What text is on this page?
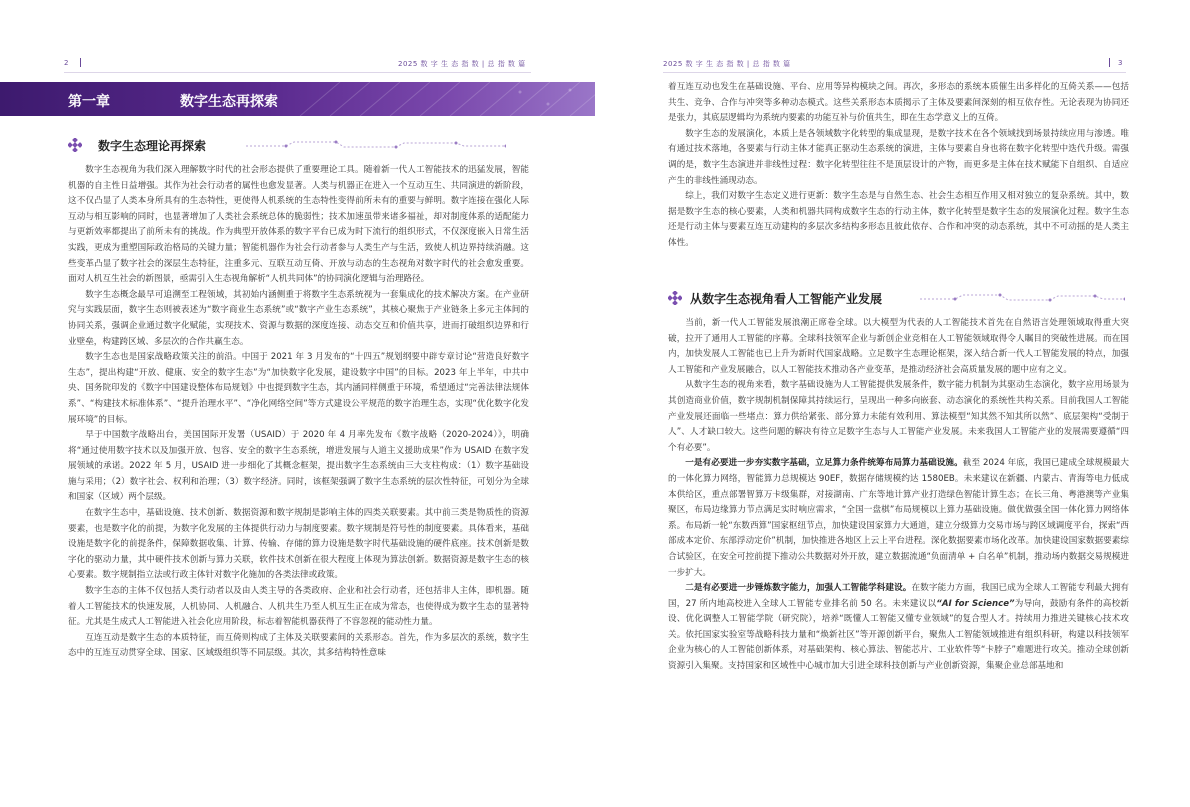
2	2025 数 字 生 态 指 数 | 总 指 数 篇
第一章	数字生态再探索
数字生态理论再探索

数字生态视角为我们深入理解数字时代的社会形态提供了重要理论工具。随着新一代人工智能技术的迅猛发展，智能机器的自主性日益增强。其作为社会行动者的属性也愈发显著。人类与机器正在进入一个互动互生、共同演进的新阶段，这不仅凸显了人类本身所具有的生态特性，更使得人机系统的生态特性变得前所未有的重要与鲜明。数字连接在强化人际互动与相互影响的同时，也显著增加了人类社会系统总体的脆弱性；技术加速虽带来诸多福祉，却对制度体系的适配能力与更新效率都提出了前所未有的挑战。作为典型开放体系的数字平台已成为时下流行的组织形式，不仅深度嵌入日常生活实践，更成为重塑国际政治格局的关键力量；智能机器作为社会行动者参与人类生产与生活，致使人机边界持续消融。这些变革凸显了数字社会的深层生态特征，注重多元、互联互动互倚、开放与动态的生态视角对数字时代的社会愈发重要。面对人机互生社会的新图景，亟需引入生态视角解析“人机共同体”的协同演化逻辑与治理路径。

数字生态概念最早可追溯至工程领域，其初始内涵侧重于将数字生态系统视为一套集成化的技术解决方案。在产业研究与实践层面，数字生态则被表述为“数字商业生态系统”或“数字产业生态系统”，其核心聚焦于产业链条上多元主体间的协同关系，强调企业通过数字化赋能，实现技术、资源与数据的深度连接、动态交互和价值共享，进而打破组织边界和行业壁垒，构建跨区域、多层次的合作共赢生态。

数字生态也是国家战略政策关注的前沿。中国于 2021 年 3 月发布的“十四五”规划纲要中辟专章讨论“营造良好数字生态”，提出构建“开放、健康、安全的数字生态”为“加快数字化发展，建设数字中国”的目标。2023 年上半年，中共中央、国务院印发的《数字中国建设整体布局规划》中也提到数字生态，其内涵同样侧重于环境，希望通过“完善法律法规体系”、“构建技术标准体系”、“提升治理水平”、“净化网络空间”等方式建设公平规范的数字治理生态，实现“优化数字化发展环境”的目标。

早于中国数字战略出台，美国国际开发署（USAID）于 2020 年 4 月率先发布《数字战略（2020-2024）》，明确将“通过使用数字技术以及加强开放、包容、安全的数字生态系统，增进发展与人道主义援助成果”作为 USAID 在数字发展领域的承诺。2022 年 5 月，USAID 进一步细化了其概念框架，提出数字生态系统由三大支柱构成：（1）数字基础设施与采用；（2）数字社会、权利和治理；（3）数字经济。同时，该框架强调了数字生态系统的层次性特征，可划分为全球和国家（区域）两个层级。

在数字生态中，基础设施、技术创新、数据资源和数字规制是影响主体的四类关联要素。其中前三类是物质性的资源要素，也是数字化的前提，为数字化发展的主体提供行动力与制度要素。数字规制是符号性的制度要素。具体看来，基础设施是数字化的前提条件，保障数据收集、计算、传输、存储的算力设施是数字时代基础设施的硬件底座。技术创新是数字化的驱动力量，其中硬件技术创新与算力关联，软件技术创新在很大程度上体现为算法创新。数据资源是数字生态的核心要素。数字规制指立法或行政主体针对数字化施加的各类法律或政策。

数字生态的主体不仅包括人类行动者以及由人类主导的各类政府、企业和社会行动者，还包括非人主体，即机器。随着人工智能技术的快速发展，人机协同、人机融合、人机共生乃至人机互生正在成为常态，也使得成为数字生态的显著特征。尤其是生成式人工智能进入社会化应用阶段，标志着智能机器获得了不容忽视的能动性力量。

互连互动是数字生态的本质特征，而互倚则构成了主体及关联要素间的关系形态。首先，作为多层次的系统，数字生态中的互连互动贯穿全球、国家、区域级组织等不同层级。其次，其多结构特性意味

2025 数 字 生 态 指 数 | 总 指 数 篇	3

着互连互动也发生在基础设施、平台、应用等异构模块之间。再次，多形态的系统本质催生出多样化的互倚关系——包括共生、竞争、合作与冲突等多种动态模式。这些关系形态本质揭示了主体及要素间深刻的相互依存性。无论表现为协同还是张力，其底层逻辑均为系统内要素的功能互补与价值共生，即在生态学意义上的互倚。

数字生态的发展演化，本质上是各领域数字化转型的集成显现，是数字技术在各个领域找到场景持续应用与渗透。唯有通过技术落地，各要素与行动主体才能真正驱动生态系统的演进，主体与要素自身也将在数字化转型中迭代升级。需强调的是，数字生态演进并非线性过程：数字化转型往往不是顶层设计的产物，而更多是主体在技术赋能下自组织、自适应产生的非线性涌现动态。

综上，我们对数字生态定义进行更新：数字生态是与自然生态、社会生态相互作用又相对独立的复杂系统。其中，数据是数字生态的核心要素，人类和机器共同构成数字生态的行动主体，数字化转型是数字生态的发展演化过程。数字生态还是行动主体与要素互连互动建构的多层次多结构多形态且彼此依存、合作和冲突的动态系统，其中不可动摇的是人类主体性。

从数字生态视角看人工智能产业发展

当前，新一代人工智能发展浪潮正席卷全球。以大模型为代表的人工智能技术首先在自然语言处理领域取得重大突破，拉开了通用人工智能的序幕。全球科技领军企业与新创企业竞相在人工智能领域取得令人瞩目的突破性进展。而在国内，加快发展人工智能也已上升为新时代国家战略。立足数字生态理论框架，深入结合新一代人工智能发展的特点，加强人工智能和产业发展融合，以人工智能技术推动各产业变革，是推动经济社会高质量发展的题中应有之义。

从数字生态的视角来看，数字基础设施为人工智能提供发展条件，数字能力机制为其驱动生态演化，数字应用场景为其创造商业价值，数字规制机制保障其持续运行，呈现出一种多向嵌套、动态演化的系统性共构关系。目前我国人工智能产业发展还面临一些堵点：算力供给紧张、部分算力未能有效利用、算法模型“知其然不知其所以然”、底层架构“受制于人”、人才缺口较大。这些问题的解决有待立足数字生态与人工智能产业发展。未来我国人工智能产业的发展需要遵循“四个有必要”。

一是有必要进一步夯实数字基础，立足算力条件统筹布局算力基础设施。截至 2024 年底，我国已建成全球规模最大的一体化算力网络，智能算力总规模达 90EF，数据存储规模约达 1580EB。未来建议在新疆、内蒙古、青海等电力低成本供给区，重点部署智算万卡级集群，对接湖南、广东等地计算产业打造绿色智能计算生态；在长三角、粤港澳等产业集聚区，布局边缘算力节点满足实时响应需求，“全国一盘棋”布局规模以上算力基础设施。做优做强全国一体化算力网络体系。布局新一轮“东数西算”国家枢纽节点，加快建设国家算力大通道，建立分级算力交易市场与跨区域调度平台，探索“西部成本定价、东部浮动定价”机制，加快推进各地区上云上平台进程。深化数据要素市场化改革。加快建设国家数据要素综合试验区，在安全可控前提下推动公共数据对外开放，建立数据流通“负面清单 + 白名单”机制，推动场内数据交易规模进一步扩大。

二是有必要进一步锤炼数字能力，加强人工智能学科建设。在数字能力方面，我国已成为全球人工智能专利最大拥有国，27 所内地高校进入全球人工智能专业排名前 50 名。未来建议以“AI for Science”为导向，鼓励有条件的高校新设、优化调整人工智能学院（研究院），培养“既懂人工智能又懂专业领域”的复合型人才。持续用力推进关键核心技术攻关。依托国家实验室等战略科技力量和“焕新社区”等开源创新平台，聚焦人工智能领域推进有组织科研，构建以科技领军企业为核心的人工智能创新体系，对基础架构、核心算法、智能芯片、工业软件等“卡脖子”难题进行攻关。推动全球创新资源引入集聚。支持国家和区域性中心城市加大引进全球科技创新与产业创新资源，集聚企业总部基地和
